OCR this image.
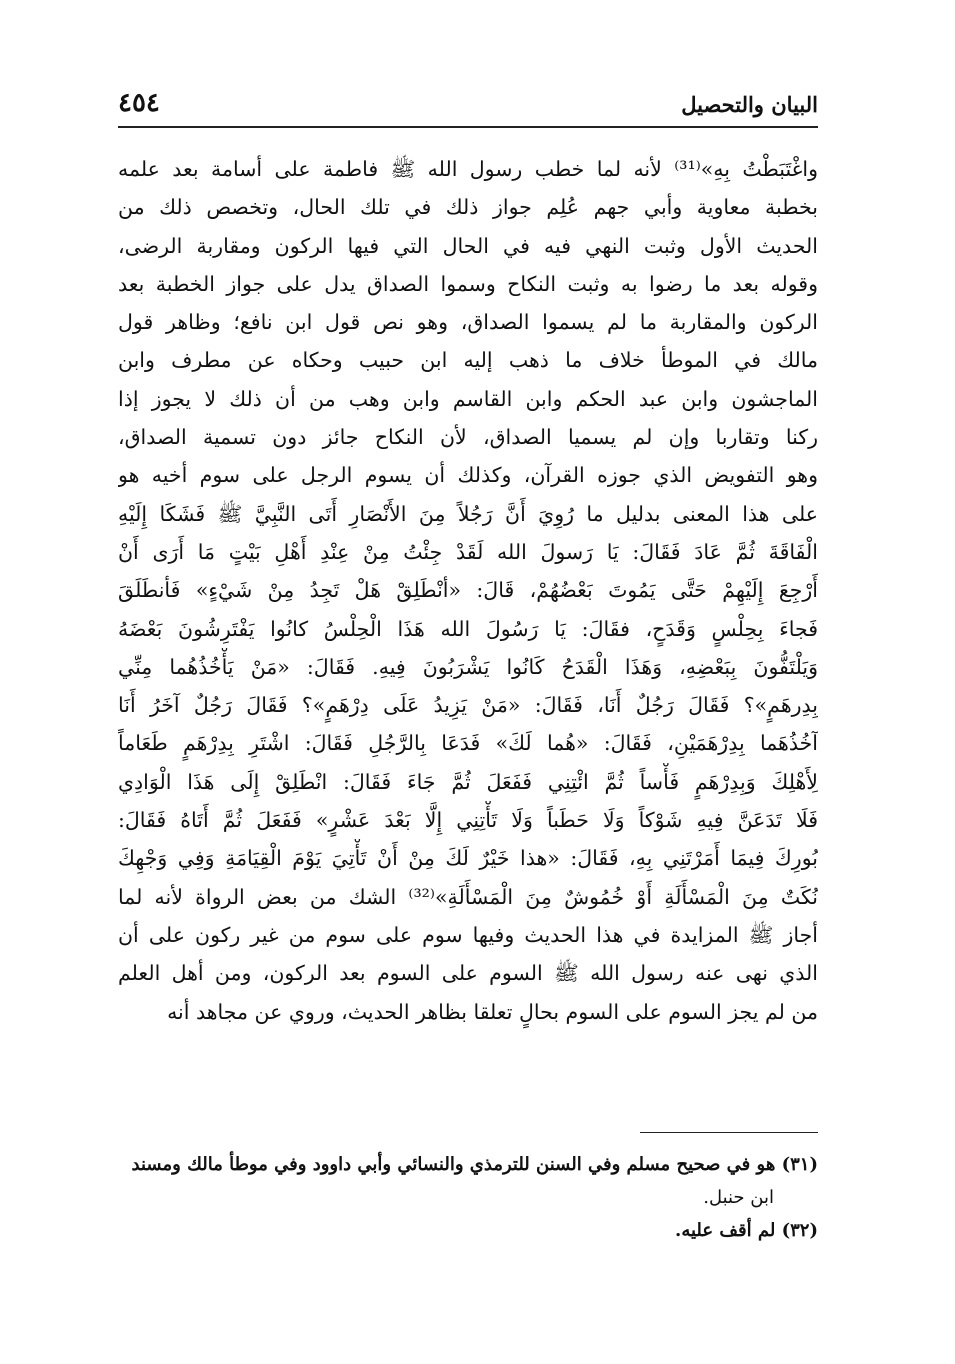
٤٥٤	البيان والتحصيل
واغْتَبَطْتُ بِهِ»⁽³¹⁾ لأنه لما خطب رسول الله ﷺ فاطمة على أسامة بعد علمه
بخطبة معاوية وأبي جهم عُلِم جواز ذلك في تلك الحال، وتخصص ذلك من
الحديث الأول وثبت النهي فيه في الحال التي فيها الركون ومقاربة الرضى،
وقوله بعد ما رضوا به وثبت النكاح وسموا الصداق يدل على جواز الخطبة بعد
الركون والمقاربة ما لم يسموا الصداق، وهو نص قول ابن نافع؛ وظاهر قول
مالك في الموطأ خلاف ما ذهب إليه ابن حبيب وحكاه عن مطرف وابن
الماجشون وابن عبد الحكم وابن القاسم وابن وهب من أن ذلك لا يجوز إذا
ركنا وتقاربا وإن لم يسميا الصداق، لأن النكاح جائز دون تسمية الصداق،
وهو التفويض الذي جوزه القرآن، وكذلك أن يسوم الرجل على سوم أخيه هو
على هذا المعنى بدليل ما رُوِيَ أَنَّ رَجُلاً مِنَ الأَنْصَارِ أَتَى النَّبِيَّ ﷺ فَشَكَا إِلَيْهِ
الْفَاقَةَ ثُمَّ عَادَ فَقَالَ: يَا رَسولَ الله لَقَدْ جِئْتُ مِنْ عِنْدِ أَهْلِ بَيْتٍ مَا أَرَى أَنْ
أَرْجِعَ إِلَيْهِمْ حَتَّى يَمُوتَ بَعْضُهُمْ، قَالَ: «أنْطَلِقْ هَلْ تَجِدُ مِنْ شَيْءٍ» فَأنطَلَقَ
فَجاءَ بِحِلْسٍ وَقَدَحٍ، فقَالَ: يَا رَسُولَ الله هَذَا الْحِلْسُ كانُوا يَفْتَرِشُونَ بَعْضَهُ
وَيَلْتَفُّونَ بِبَعْضِهِ، وَهَذَا الْقَدَحُ كَانُوا يَشْرَبُونَ فِيهِ. فَقَالَ: «مَنْ يَأْخُذُهُما مِنِّي
بِدِرهَمٍ»؟ فَقَالَ رَجُلٌ أَنَا، فَقَالَ: «مَنْ يَزِيدُ عَلَى دِرْهَمٍ»؟ فَقَالَ رَجُلٌ آخَرُ أَنَا
آخُذُهَما بِدِرْهَمَيْنِ، فَقَالَ: «هُما لَكَ» فَدَعَا بِالرَّجُلِ فَقَالَ: اشْتَرِ بِدِرْهَمٍ طَعَاماً
لِأَهْلِكَ وَبِدِرْهَمٍ فَأْساً ثُمَّ ائْتِنِي فَفَعَلَ ثُمَّ جَاءَ فَقَالَ: انْطَلِقْ إِلَى هَذَا الْوَادِي
فَلَا تَدَعَنَّ فِيهِ شَوْكاً وَلَا حَطَباً وَلَا تَأْتِنِي إِلَّا بَعْدَ عَشْرٍ» فَفَعَلَ ثُمَّ أَتَاهُ فَقَالَ:
بُورِكَ فِيمَا أَمَرْتَنِي بِهِ، فَقَالَ: «هذا خَيْرٌ لَكَ مِنْ أَنْ تَأْتِيَ يَوْمَ الْقِيَامَةِ وَفِي وَجْهِكَ
نُكَتٌ مِنَ الْمَسْأَلَةِ أَوْ خُمُوشٌ مِنَ الْمَسْأَلَةِ»⁽³²⁾ الشك من بعض الرواة لأنه لما
أجاز ﷺ المزايدة في هذا الحديث وفيها سوم على سوم من غير ركون على أن
الذي نهى عنه رسول الله ﷺ السوم على السوم بعد الركون، ومن أهل العلم
من لم يجز السوم على السوم بحالٍ تعلقا بظاهر الحديث، وروي عن مجاهد أنه
(٣١) هو في صحيح مسلم وفي السنن للترمذي والنسائي وأبي داوود وفي موطأ مالك ومسند
ابن حنبل.
(٣٢) لم أقف عليه.
